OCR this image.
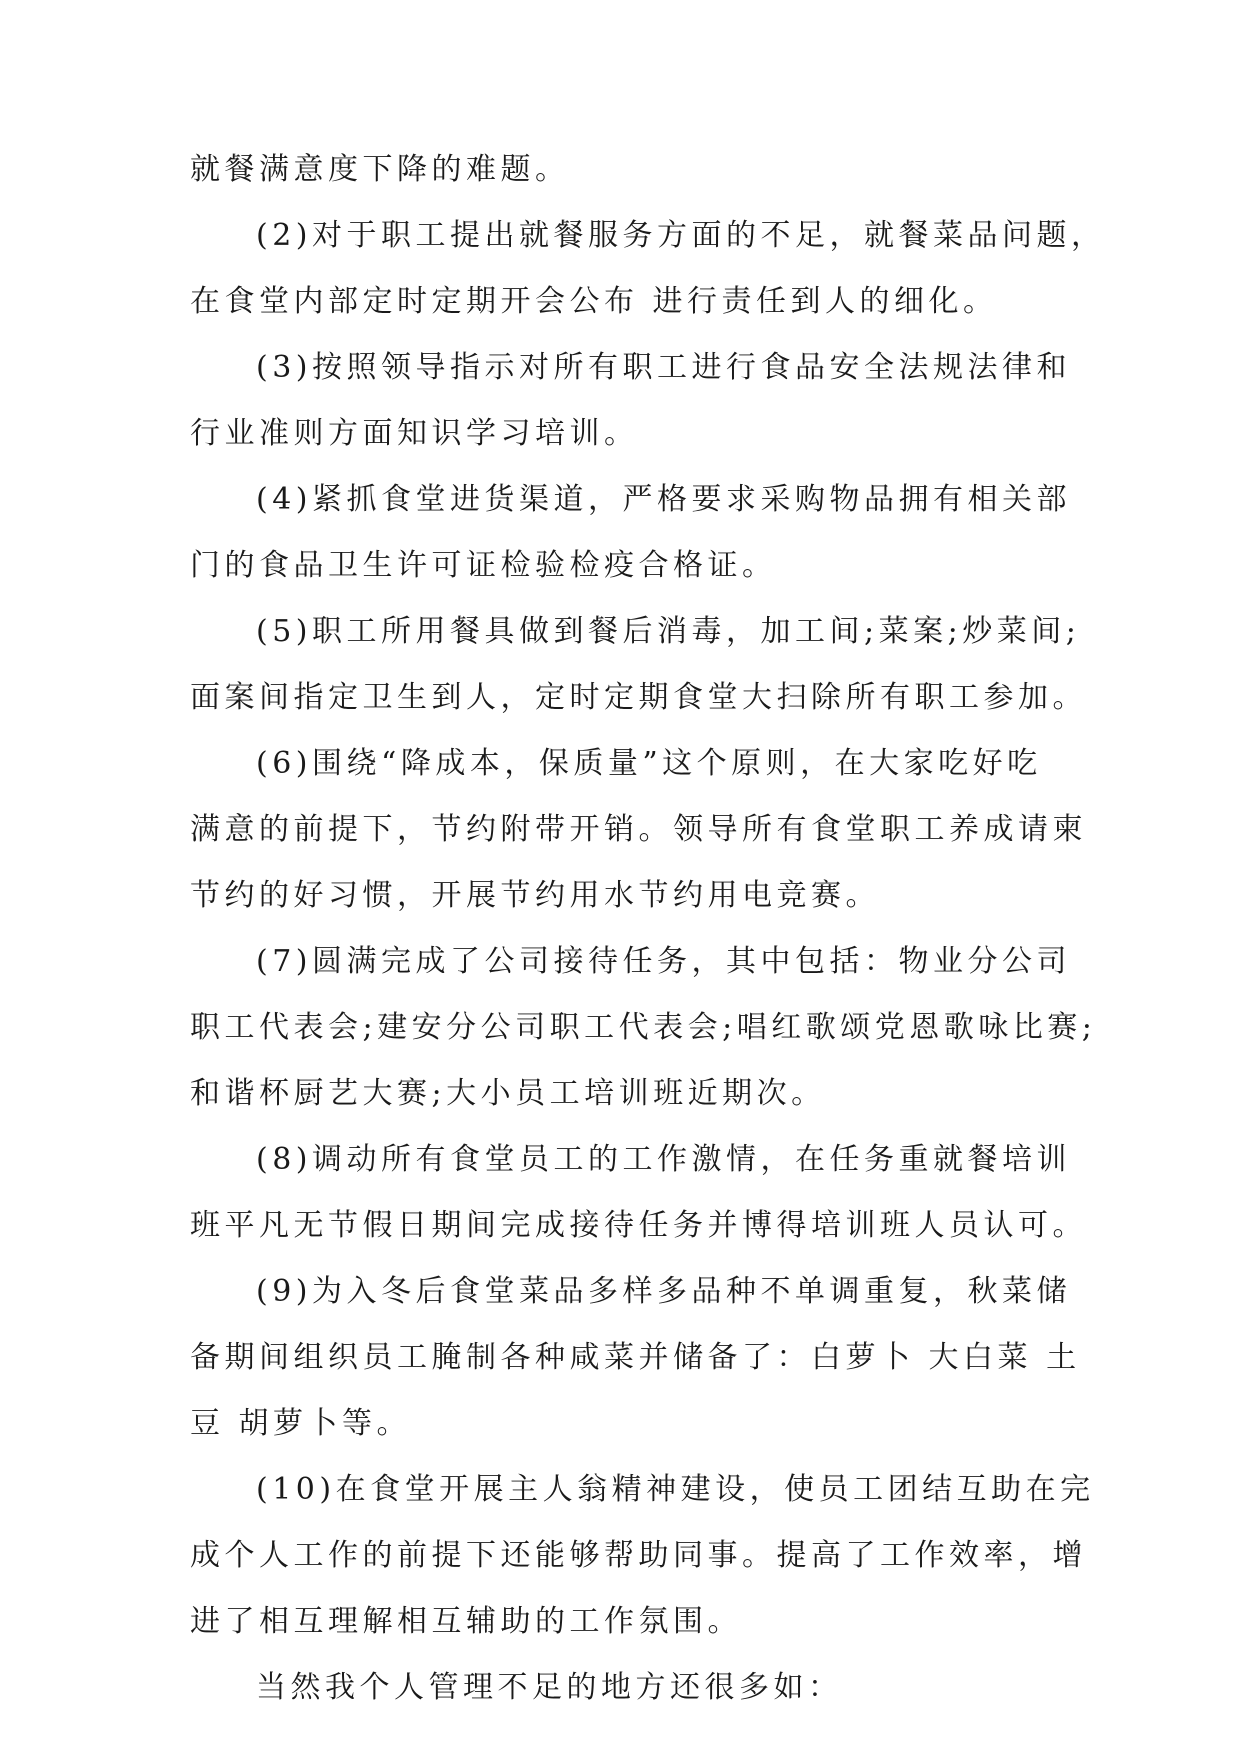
就餐满意度下降的难题。
(2)对于职工提出就餐服务方面的不足，就餐菜品问题，
在食堂内部定时定期开会公布 进行责任到人的细化。
(3)按照领导指示对所有职工进行食品安全法规法律和
行业准则方面知识学习培训。
(4)紧抓食堂进货渠道，严格要求采购物品拥有相关部
门的食品卫生许可证检验检疫合格证。
(5)职工所用餐具做到餐后消毒，加工间;菜案;炒菜间;
面案间指定卫生到人，定时定期食堂大扫除所有职工参加。
(6)围绕“降成本，保质量”这个原则，在大家吃好吃
满意的前提下，节约附带开销。领导所有食堂职工养成请柬
节约的好习惯，开展节约用水节约用电竞赛。
(7)圆满完成了公司接待任务，其中包括：物业分公司
职工代表会;建安分公司职工代表会;唱红歌颂党恩歌咏比赛;
和谐杯厨艺大赛;大小员工培训班近期次。
(8)调动所有食堂员工的工作激情，在任务重就餐培训
班平凡无节假日期间完成接待任务并博得培训班人员认可。
(9)为入冬后食堂菜品多样多品种不单调重复，秋菜储
备期间组织员工腌制各种咸菜并储备了：白萝卜 大白菜 土
豆 胡萝卜等。
(10)在食堂开展主人翁精神建设，使员工团结互助在完
成个人工作的前提下还能够帮助同事。提高了工作效率，增
进了相互理解相互辅助的工作氛围。
当然我个人管理不足的地方还很多如：
